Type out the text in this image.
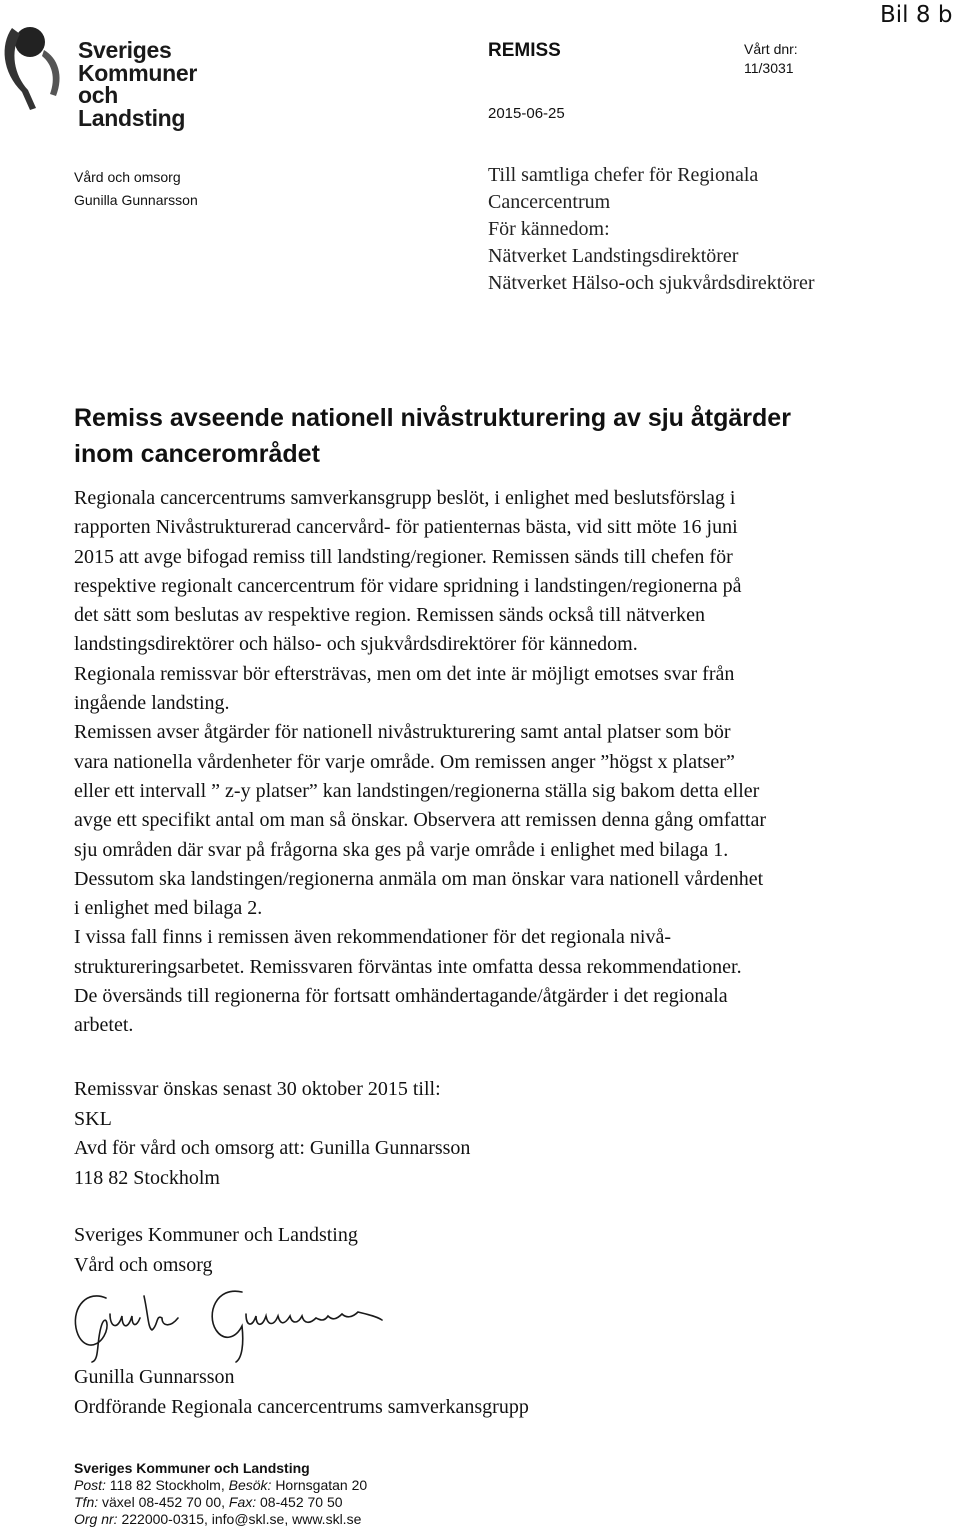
Sveriges
Kommuner
och Landsting
REMISS	Vårt dnr:
11/3031
2015-06-25
Bil 8 b
Vård och omsorg
Gunilla Gunnarsson
Till samtliga chefer för Regionala
Cancercentrum
För kännedom:
Nätverket Landstingsdirektörer
Nätverket Hälso-och sjukvårdsdirektörer
Remiss avseende nationell nivåstrukturering av sju åtgärder
inom cancerområdet
Regionala cancercentrums samverkansgrupp beslöt, i enlighet med beslutsförslag i
rapporten Nivåstrukturerad cancervård- för patienternas bästa, vid sitt möte 16 juni
2015 att avge bifogad remiss till landsting/regioner. Remissen sänds till chefen för
respektive regionalt cancercentrum för vidare spridning i landstingen/regionerna på
det sätt som beslutas av respektive region. Remissen sänds också till nätverken
landstingsdirektörer och hälso- och sjukvårdsdirektörer för kännedom.
Regionala remissvar bör eftersträvas, men om det inte är möjligt emotses svar från
ingående landsting.
Remissen avser åtgärder för nationell nivåstrukturering samt antal platser som bör
vara nationella vårdenheter för varje område. Om remissen anger ”högst x platser”
eller ett intervall ” z-y platser” kan landstingen/regionerna ställa sig bakom detta eller
avge ett specifikt antal om man så önskar. Observera att remissen denna gång omfattar
sju områden där svar på frågorna ska ges på varje område i enlighet med bilaga 1.
Dessutom ska landstingen/regionerna anmäla om man önskar vara nationell vårdenhet
i enlighet med bilaga 2.
I vissa fall finns i remissen även rekommendationer för det regionala nivå-
struktureringsarbetet. Remissvaren förväntas inte omfatta dessa rekommendationer.
De översänds till regionerna för fortsatt omhändertagande/åtgärder i det regionala
arbetet.
Remissvar önskas senast 30 oktober 2015 till:
SKL
Avd för vård och omsorg att: Gunilla Gunnarsson
118 82 Stockholm
Sveriges Kommuner och Landsting
Vård och omsorg
Gunilla Gunnarsson
Ordförande Regionala cancercentrums samverkansgrupp
Sveriges Kommuner och Landsting
Post: 118 82 Stockholm, Besök: Hornsgatan 20
Tfn: växel 08-452 70 00, Fax: 08-452 70 50
Org nr: 222000-0315, info@skl.se, www.skl.se
